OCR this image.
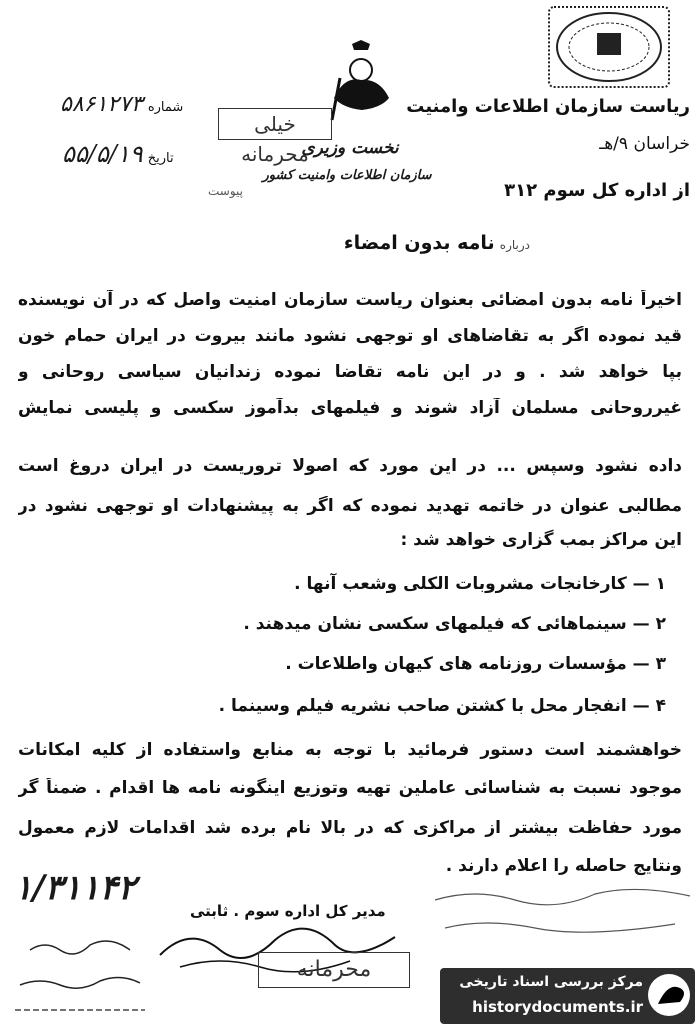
نخست وزیری
سازمان اطلاعات وامنیت کشور
خیلی محرمانه
ریاست سازمان اطلاعات وامنیت
خراسان ۹/هـ
از اداره کل سوم ۳۱۲
شماره ۵۸۶۱۲۷۳
تاریخ ۵۵/۵/۱۹
پیوست
درباره نامه بدون امضاء
اخیراً نامه بدون امضائی بعنوان ریاست سازمان امنیت واصل که در آن نویسنده
قید نموده اگر به تقاضاهای او توجهی نشود مانند بیروت در ایران حمام خون
بپا خواهد شد . و در این نامه تقاضا نموده زندانیان سیاسی روحانی و
غیرروحانی مسلمان آزاد شوند و فیلمهای بدآموز سکسی و پلیسی نمایش
داده نشود وسپس ... در این مورد که اصولا تروریست در ایران دروغ است
مطالبی عنوان در خاتمه تهدید نموده که اگر به پیشنهادات او توجهی نشود در
این مراکز بمب گزاری خواهد شد :
۱ — کارخانجات مشروبات الکلی وشعب آنها .
۲ — سینماهائی که فیلمهای سکسی نشان میدهند .
۳ — مؤسسات روزنامه های کیهان واطلاعات .
۴ — انفجار محل با کشتن صاحب نشریه فیلم وسینما .
خواهشمند است دستور فرمائید با توجه به منابع واستفاده از کلیه امکانات
موجود نسبت به شناسائی عاملین تهیه وتوزیع اینگونه نامه ها اقدام . ضمناً گر
مورد حفاظت بیشتر از مراکزی که در بالا نام برده شد اقدامات لازم معمول
ونتایج حاصله را اعلام دارند .
۱/۳۱۱۴۲
مدیر کل اداره سوم . ثابتی
محرمانه	مرکز بررسی اسناد تاریخی
historydocuments.ir
